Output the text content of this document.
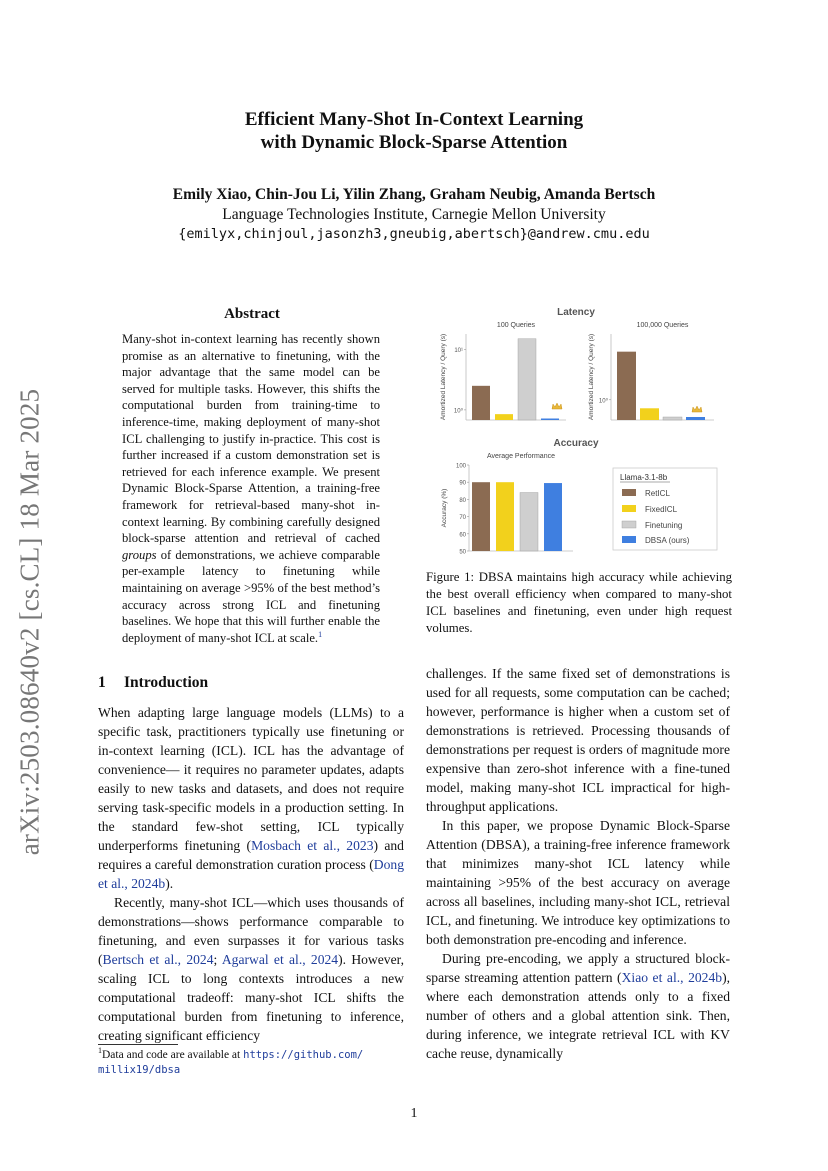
Efficient Many-Shot In-Context Learning
with Dynamic Block-Sparse Attention
Emily Xiao, Chin-Jou Li, Yilin Zhang, Graham Neubig, Amanda Bertsch
Language Technologies Institute, Carnegie Mellon University
{emilyx,chinjoul,jasonzh3,gneubig,abertsch}@andrew.cmu.edu
arXiv:2503.08640v2 [cs.CL] 18 Mar 2025
Abstract

Many-shot in-context learning has recently shown promise as an alternative to finetuning, with the major advantage that the same model can be served for multiple tasks. However, this shifts the computational burden from training-time to inference-time, making deployment of many-shot ICL challenging to justify in-practice. This cost is further increased if a custom demonstration set is retrieved for each inference example. We present Dynamic Block-Sparse Attention, a training-free framework for retrieval-based many-shot in-context learning. By combining carefully designed block-sparse attention and retrieval of cached groups of demonstrations, we achieve comparable per-example latency to finetuning while maintaining on average >95% of the best method’s accuracy across strong ICL and finetuning baselines. We hope that this will further enable the deployment of many-shot ICL at scale.$^1$

1 Introduction

When adapting large language models (LLMs) to a specific task, practitioners typically use finetuning or in-context learning (ICL). ICL has the advantage of convenience— it requires no parameter updates, adapts easily to new tasks and datasets, and does not require serving task-specific models in a production setting. In the standard few-shot setting, ICL typically underperforms finetuning (Mosbach et al., 2023) and requires a careful demonstration curation process (Dong et al., 2024b).

Recently, many-shot ICL—which uses thousands of demonstrations—shows performance comparable to finetuning, and even surpasses it for various tasks (Bertsch et al., 2024; Agarwal et al., 2024). However, scaling ICL to long contexts introduces a new computational tradeoff: many-shot ICL shifts the computational burden from finetuning to inference, creating significant efficiency

$^1$Data and code are available at https://github.com/
millix19/dbsa

challenges. If the same fixed set of demonstrations is used for all requests, some computation can be cached; however, performance is higher when a custom set of demonstrations is retrieved. Processing thousands of demonstrations per request is orders of magnitude more expensive than zero-shot inference with a fine-tuned model, making many-shot ICL impractical for high-throughput applications.

In this paper, we propose Dynamic Block-Sparse Attention (DBSA), a training-free inference framework that minimizes many-shot ICL latency while maintaining >95% of the best accuracy on average across all baselines, including many-shot ICL, retrieval ICL, and finetuning. We introduce key optimizations to both demonstration pre-encoding and inference.

During pre-encoding, we apply a structured block-sparse streaming attention pattern (Xiao et al., 2024b), where each demonstration attends only to a fixed number of others and a global attention sink. Then, during inference, we integrate retrieval ICL with KV cache reuse, dynamically

Latency
Accuracy
100 Queries
Amortized Latency / Query (s) 10¹
10⁰
100,000 Queries
Amortized Latency / Query (s) 10⁰
Average Performance
Accuracy (%)
50
60
70
80
90
100
Llama-3.1-8b
RetICL
FixedICL
Finetuning
DBSA (ours)

Figure 1: DBSA maintains high accuracy while achieving the best overall efficiency when compared to many-shot ICL baselines and finetuning, even under high request volumes.

1
